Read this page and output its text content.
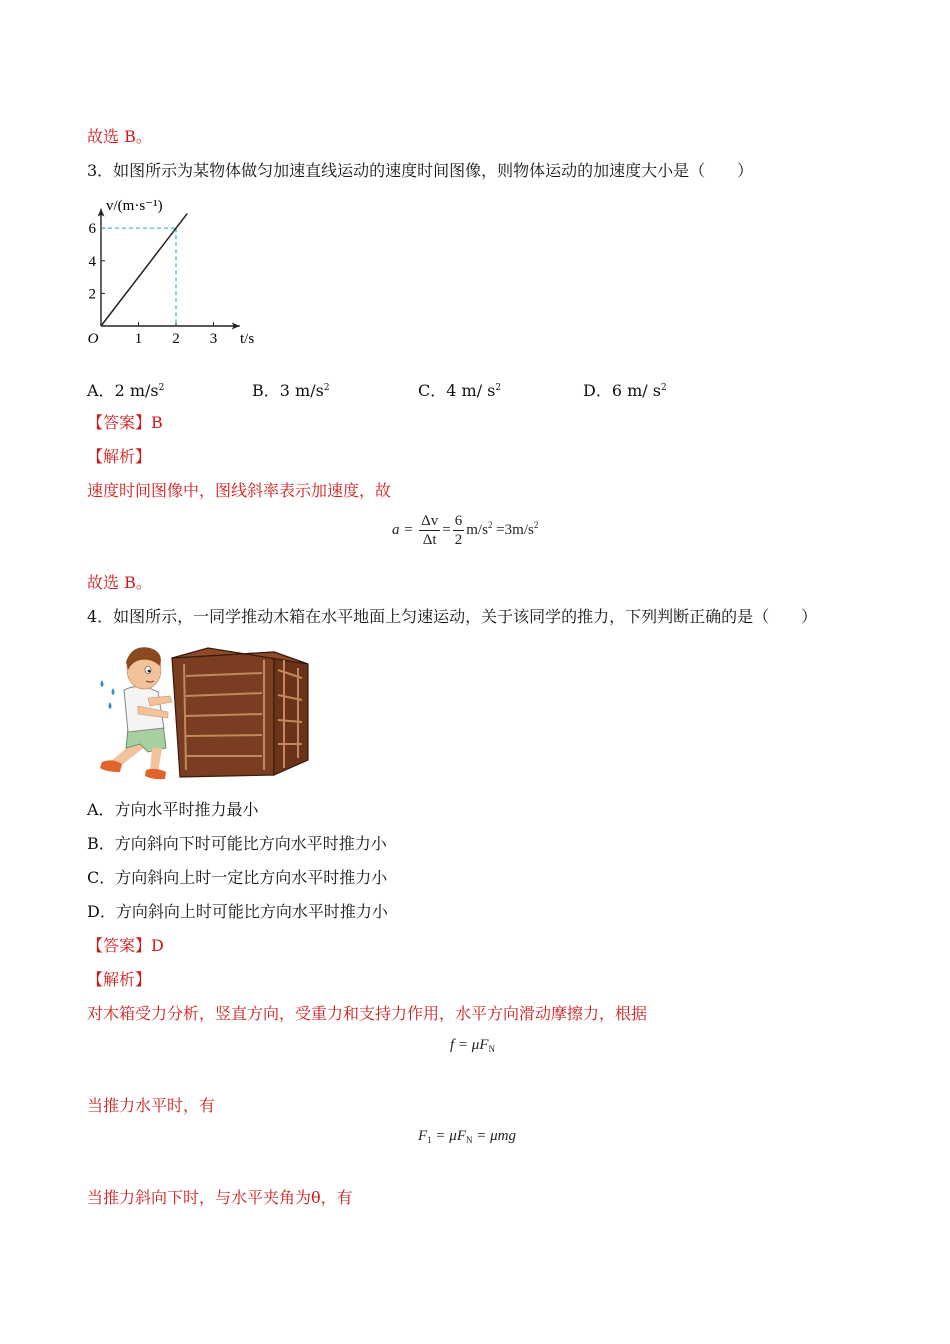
故选 B。
3．如图所示为某物体做匀加速直线运动的速度时间图像，则物体运动的加速度大小是（　　）
1 2 3
2
4
6
O	t/s
v/(m·s⁻¹)
A．2 $m/s^2$	B．3 $m/s^2$	C．4 m/ $s^2$	D．6 m/ $s^2$
【答案】B
【解析】
速度时间图像中，图线斜率表示加速度，故
$a = \frac{\Delta v}{\Delta t} = \frac{6}{2} m/s^2 =3m/s^2$
故选 B。
4．如图所示，一同学推动木箱在水平地面上匀速运动，关于该同学的推力，下列判断正确的是（　　）
A．方向水平时推力最小
B．方向斜向下时可能比方向水平时推力小
C．方向斜向上时一定比方向水平时推力小
D．方向斜向上时可能比方向水平时推力小
【答案】D
【解析】
对木箱受力分析，竖直方向，受重力和支持力作用，水平方向滑动摩擦力，根据
$f = \mu F_N$
当推力水平时，有
$F_1 = \mu F_N = \mu mg$
当推力斜向下时，与水平夹角为θ，有
